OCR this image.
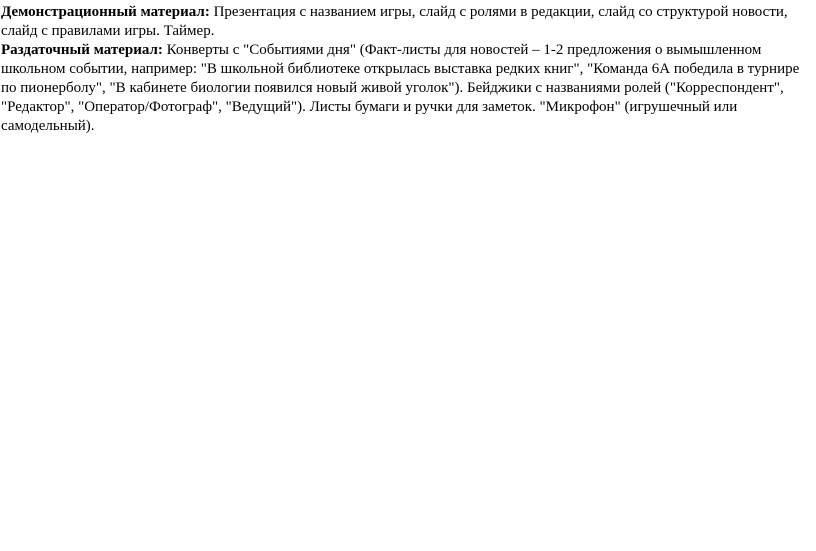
Демонстрационный материал: Презентация с названием игры, слайд с ролями в редакции, слайд со структурой новости, слайд с правилами игры. Таймер.

Раздаточный материал: Конверты с "Событиями дня" (Факт-листы для новостей – 1-2 предложения о вымышленном школьном событии, например: "В школьной библиотеке открылась выставка редких книг", "Команда 6А победила в турнире по пионерболу", "В кабинете биологии появился новый живой уголок"). Бейджики с названиями ролей ("Корреспондент", "Редактор", "Оператор/Фотограф", "Ведущий"). Листы бумаги и ручки для заметок. "Микрофон" (игрушечный или самодельный).
